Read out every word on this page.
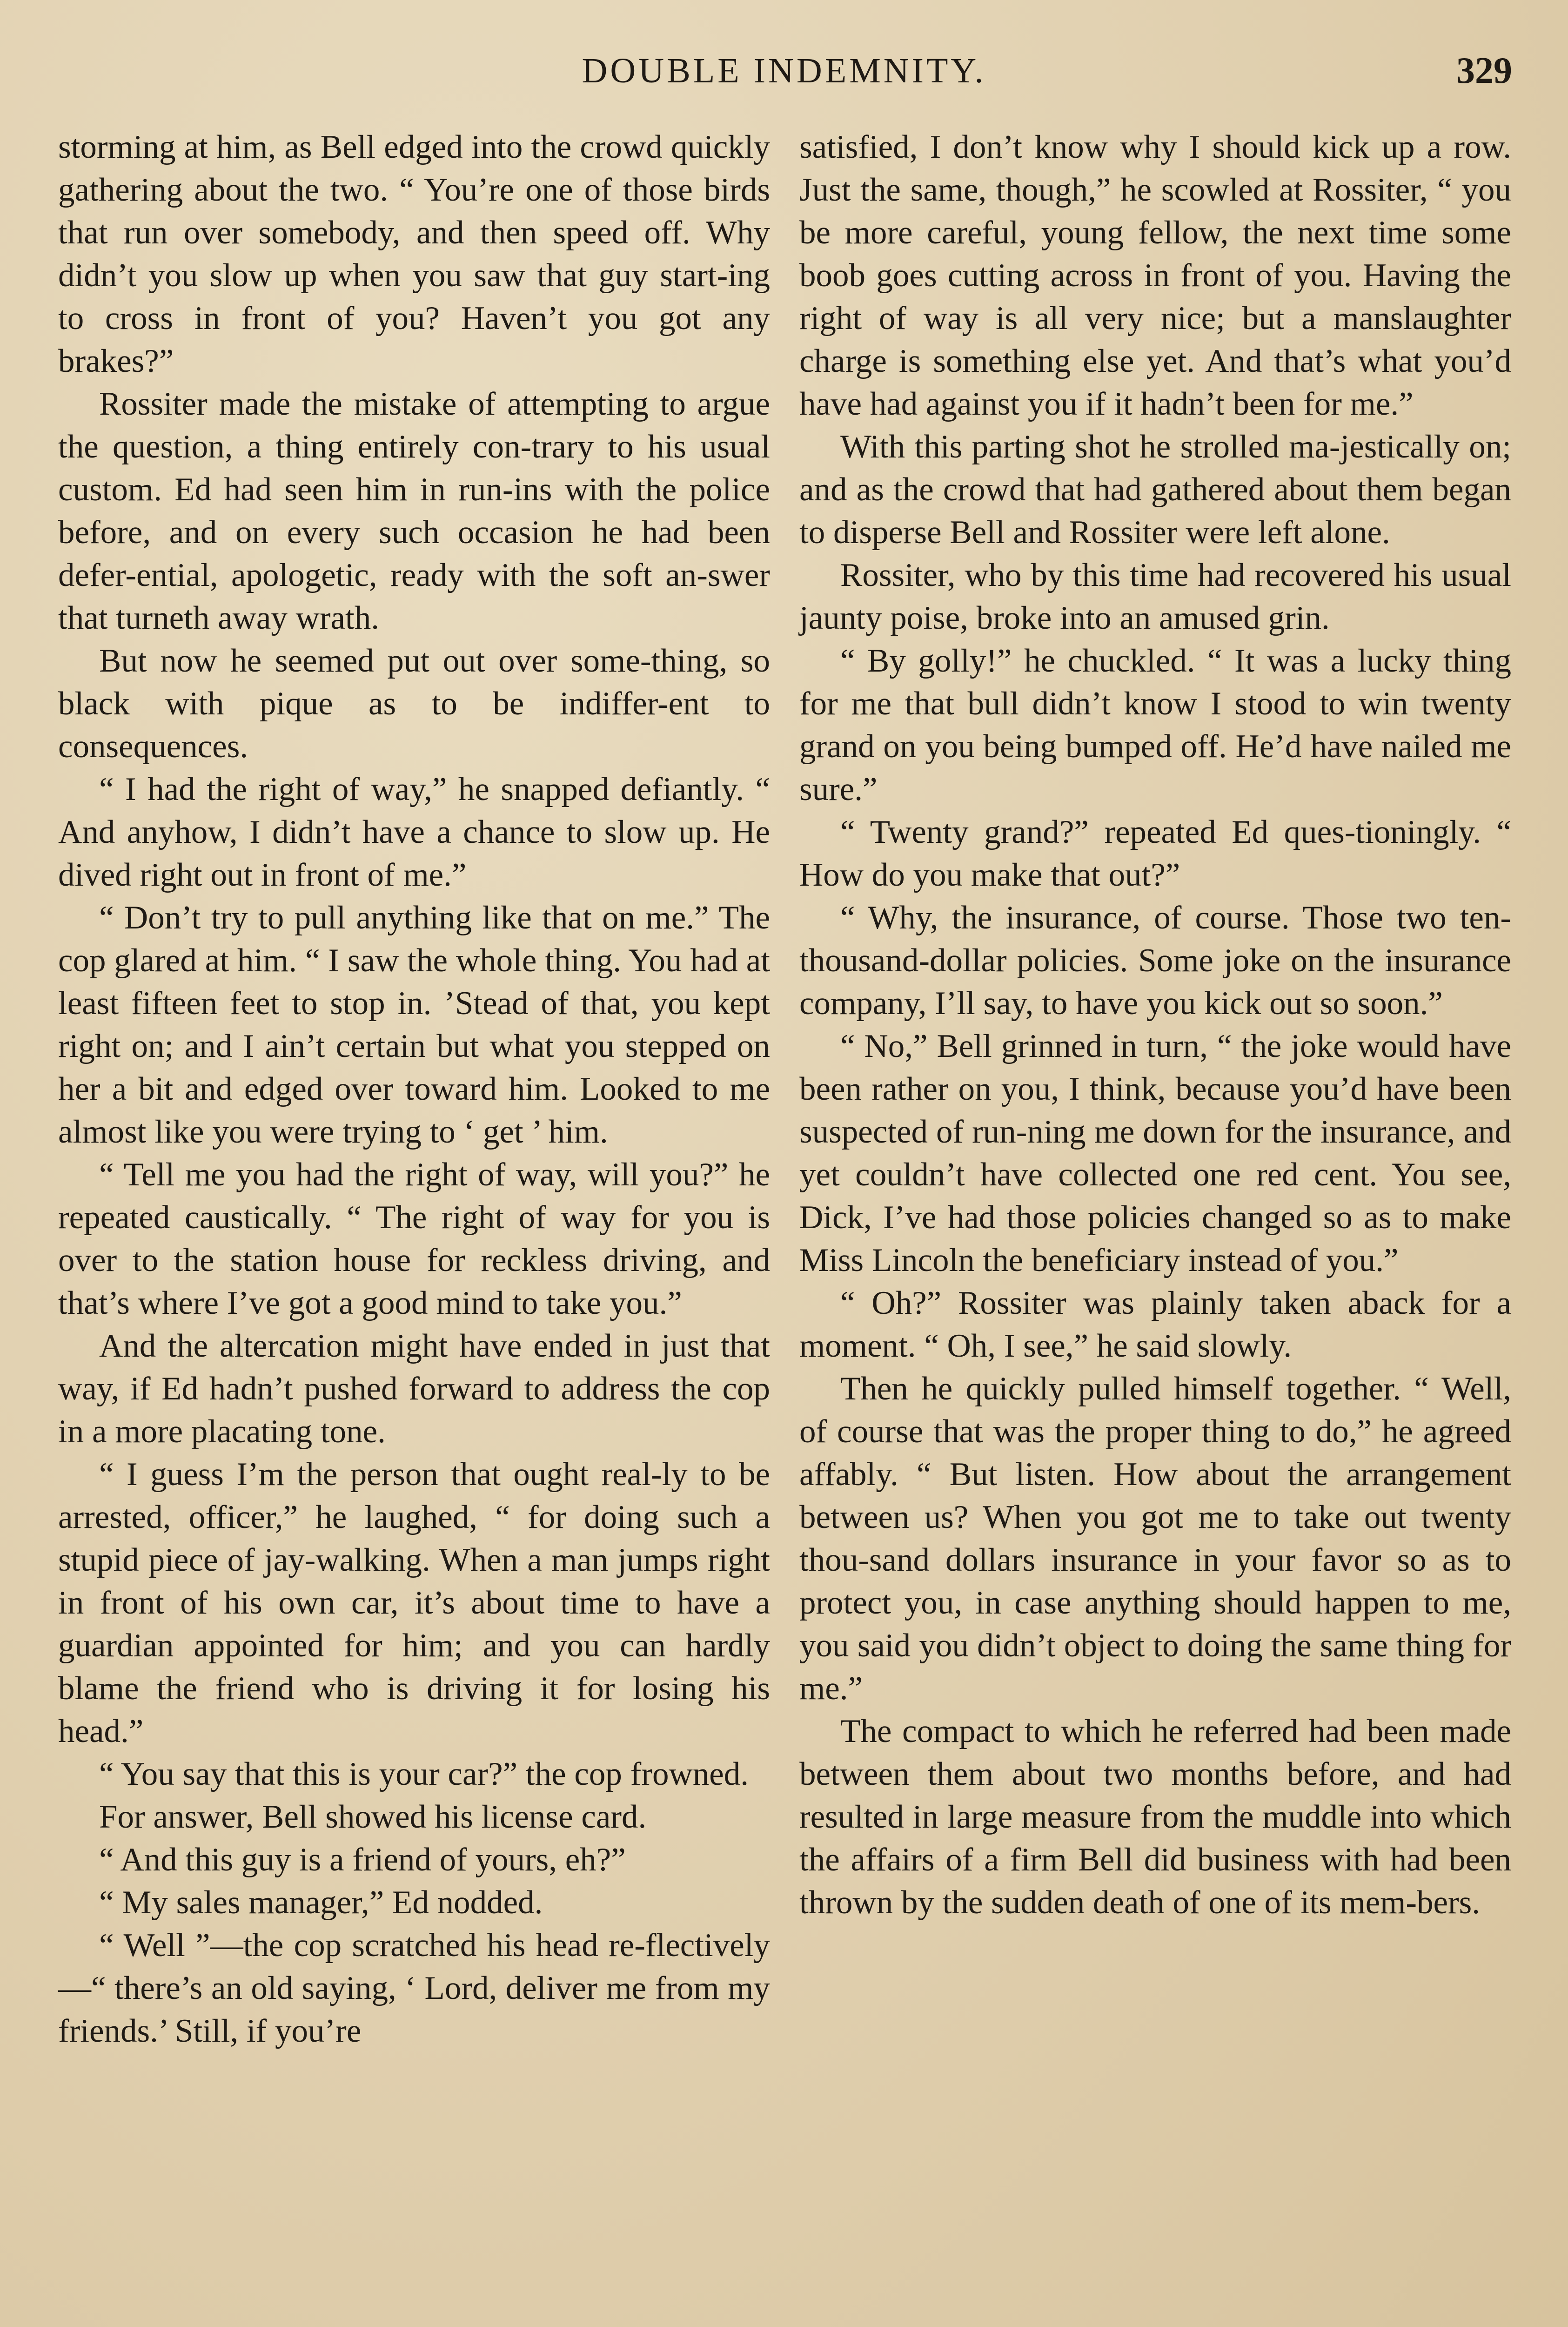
DOUBLE INDEMNITY.	329

storming at him, as Bell edged into the crowd quickly gathering about the two. “ You’re one of those birds that run over somebody, and then speed off. Why didn’t you slow up when you saw that guy start-ing to cross in front of you? Haven’t you got any brakes?”

Rossiter made the mistake of attempting to argue the question, a thing entirely con-trary to his usual custom. Ed had seen him in run-ins with the police before, and on every such occasion he had been defer-ential, apologetic, ready with the soft an-swer that turneth away wrath.

But now he seemed put out over some-thing, so black with pique as to be indiffer-ent to consequences.

“ I had the right of way,” he snapped defiantly. “ And anyhow, I didn’t have a chance to slow up. He dived right out in front of me.”

“ Don’t try to pull anything like that on me.” The cop glared at him. “ I saw the whole thing. You had at least fifteen feet to stop in. ’Stead of that, you kept right on; and I ain’t certain but what you stepped on her a bit and edged over toward him. Looked to me almost like you were trying to ‘ get ’ him.

“ Tell me you had the right of way, will you?” he repeated caustically. “ The right of way for you is over to the station house for reckless driving, and that’s where I’ve got a good mind to take you.”

And the altercation might have ended in just that way, if Ed hadn’t pushed forward to address the cop in a more placating tone.

“ I guess I’m the person that ought real-ly to be arrested, officer,” he laughed, “ for doing such a stupid piece of jay-walking. When a man jumps right in front of his own car, it’s about time to have a guardian appointed for him; and you can hardly blame the friend who is driving it for losing his head.”

“ You say that this is your car?” the cop frowned.

For answer, Bell showed his license card.

“ And this guy is a friend of yours, eh?”

“ My sales manager,” Ed nodded.

“ Well ”—the cop scratched his head re-flectively—“ there’s an old saying, ‘ Lord, deliver me from my friends.’ Still, if you’re

satisfied, I don’t know why I should kick up a row. Just the same, though,” he scowled at Rossiter, “ you be more careful, young fellow, the next time some boob goes cutting across in front of you. Having the right of way is all very nice; but a manslaughter charge is something else yet. And that’s what you’d have had against you if it hadn’t been for me.”

With this parting shot he strolled ma-jestically on; and as the crowd that had gathered about them began to disperse Bell and Rossiter were left alone.

Rossiter, who by this time had recovered his usual jaunty poise, broke into an amused grin.

“ By golly!” he chuckled. “ It was a lucky thing for me that bull didn’t know I stood to win twenty grand on you being bumped off. He’d have nailed me sure.”

“ Twenty grand?” repeated Ed ques-tioningly. “ How do you make that out?”

“ Why, the insurance, of course. Those two ten-thousand-dollar policies. Some joke on the insurance company, I’ll say, to have you kick out so soon.”

“ No,” Bell grinned in turn, “ the joke would have been rather on you, I think, because you’d have been suspected of run-ning me down for the insurance, and yet couldn’t have collected one red cent. You see, Dick, I’ve had those policies changed so as to make Miss Lincoln the beneficiary instead of you.”

“ Oh?” Rossiter was plainly taken aback for a moment. “ Oh, I see,” he said slowly.

Then he quickly pulled himself together. “ Well, of course that was the proper thing to do,” he agreed affably. “ But listen. How about the arrangement between us? When you got me to take out twenty thou-sand dollars insurance in your favor so as to protect you, in case anything should happen to me, you said you didn’t object to doing the same thing for me.”

The compact to which he referred had been made between them about two months before, and had resulted in large measure from the muddle into which the affairs of a firm Bell did business with had been thrown by the sudden death of one of its mem-bers.
